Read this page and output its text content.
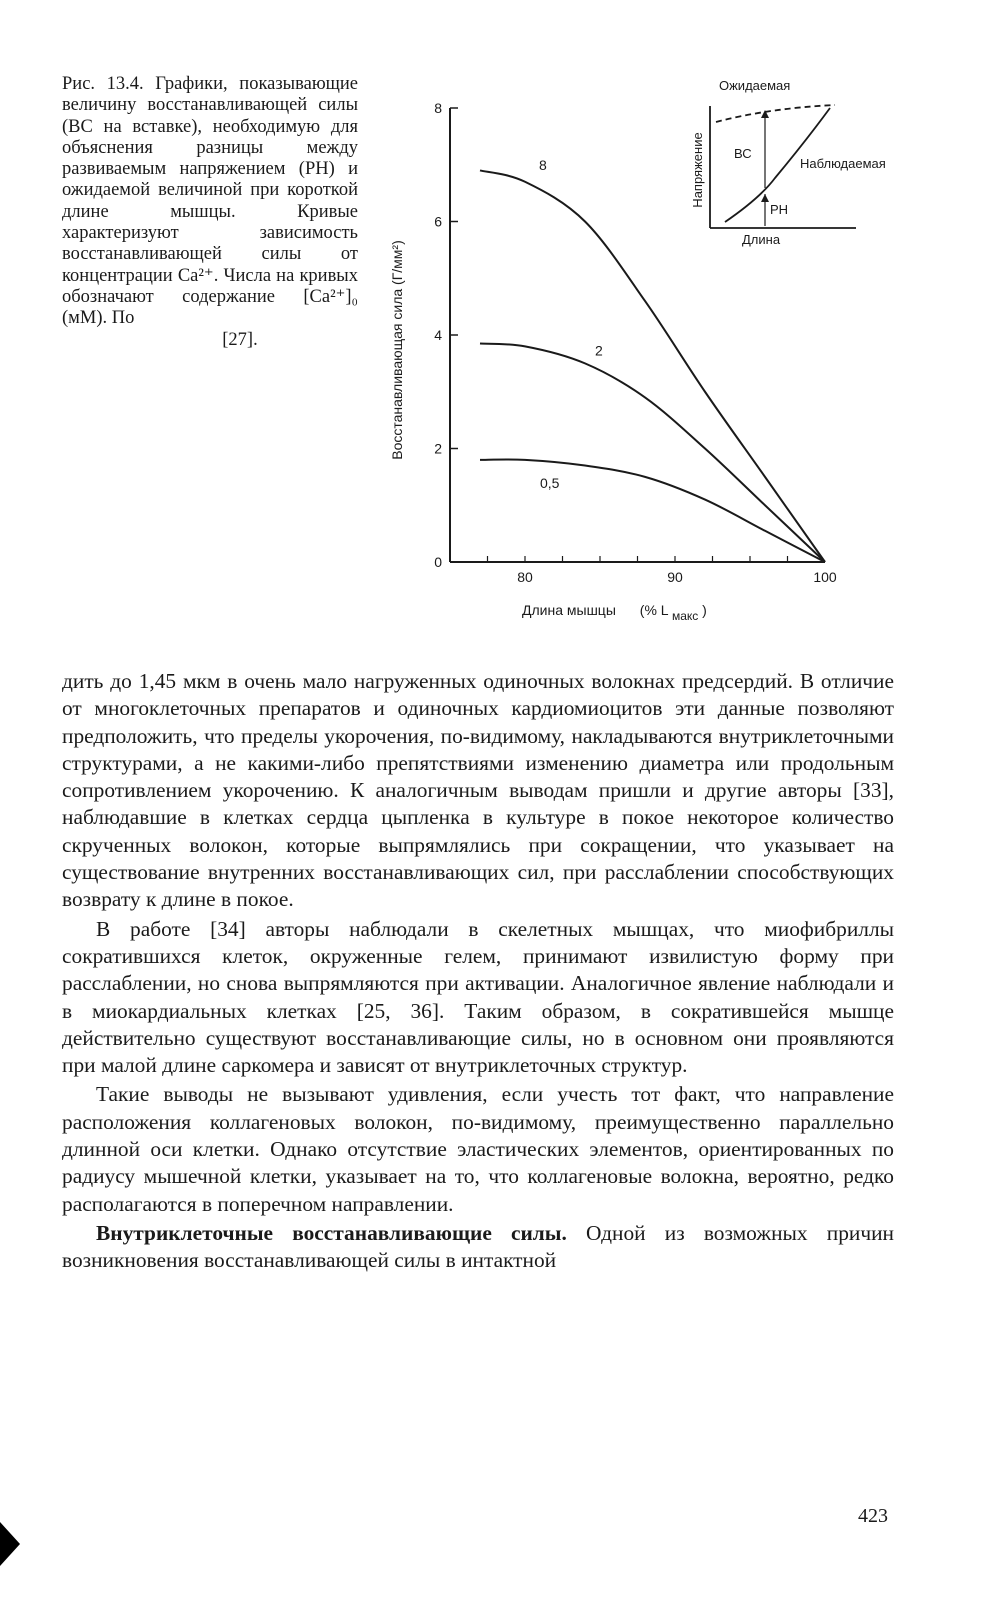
Рис. 13.4. Графики, показывающие величину восстанавливающей силы (ВС на вставке), необходимую для объяснения разницы между развиваемым напряжением (РН) и ожидаемой величиной при короткой длине мышцы. Кривые характеризуют зависимость восстанавливающей силы от концентрации Ca²⁺. Числа на кривых обозначают содержание [Ca²⁺]₀ (мМ). По
[27].
0
2
4
6
8
80	90	100
8
2
0,5
Восстанавливающая сила (Г/мм²)
Длина мышцы (% L макс )
Ожидаемая
Наблюдаемая
ВС
РН
Длина
Напряжение

дить до 1,45 мкм в очень мало нагруженных одиночных волокнах предсердий. В отличие от многоклеточных препаратов и одиночных кардиомиоцитов эти данные позволяют предположить, что пределы укорочения, по-видимому, накладываются внутриклеточными структурами, а не какими-либо препятствиями изменению диаметра или продольным сопротивлением укорочению. К аналогичным выводам пришли и другие авторы [33], наблюдавшие в клетках сердца цыпленка в культуре в покое некоторое количество скрученных волокон, которые выпрямлялись при сокращении, что указывает на существование внутренних восстанавливающих сил, при расслаблении способствующих возврату к длине в покое.

В работе [34] авторы наблюдали в скелетных мышцах, что миофибриллы сократившихся клеток, окруженные гелем, принимают извилистую форму при расслаблении, но снова выпрямляются при активации. Аналогичное явление наблюдали и в миокардиальных клетках [25, 36]. Таким образом, в сократившейся мышце действительно существуют восстанавливающие силы, но в основном они проявляются при малой длине саркомера и зависят от внутриклеточных структур.

Такие выводы не вызывают удивления, если учесть тот факт, что направление расположения коллагеновых волокон, по-видимому, преимущественно параллельно длинной оси клетки. Однако отсутствие эластических элементов, ориентированных по радиусу мышечной клетки, указывает на то, что коллагеновые волокна, вероятно, редко располагаются в поперечном направлении.

Внутриклеточные восстанавливающие силы. Одной из возможных причин возникновения восстанавливающей силы в интактной

423
